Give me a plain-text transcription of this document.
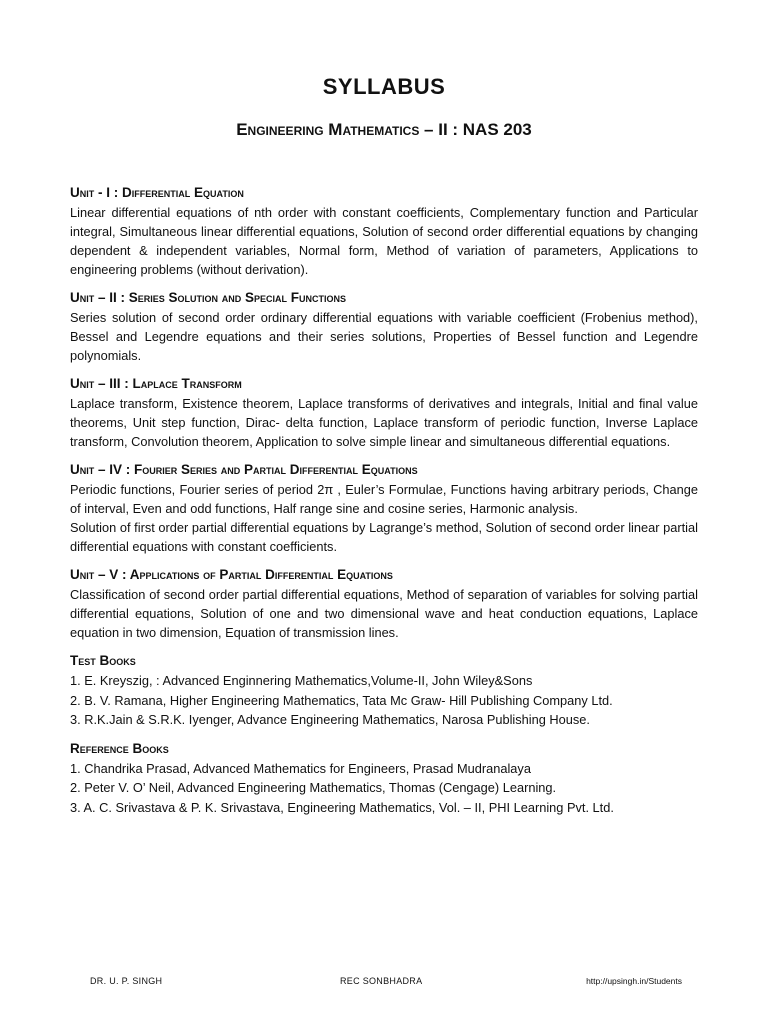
SYLLABUS
Engineering Mathematics – II : NAS 203
Unit - I : Differential Equation

Linear differential equations of nth order with constant coefficients, Complementary function and Particular integral, Simultaneous linear differential equations, Solution of second order differential equations by changing dependent & independent variables, Normal form, Method of variation of parameters, Applications to engineering problems (without derivation).

Unit – II : Series Solution and Special Functions

Series solution of second order ordinary differential equations with variable coefficient (Frobenius method), Bessel and Legendre equations and their series solutions, Properties of Bessel function and Legendre polynomials.

Unit – III : Laplace Transform

Laplace transform, Existence theorem, Laplace transforms of derivatives and integrals, Initial and final value theorems, Unit step function, Dirac- delta function, Laplace transform of periodic function, Inverse Laplace transform, Convolution theorem, Application to solve simple linear and simultaneous differential equations.

Unit – IV : Fourier Series and Partial Differential Equations

Periodic functions, Fourier series of period 2π , Euler’s Formulae, Functions having arbitrary periods, Change of interval, Even and odd functions, Half range sine and cosine series, Harmonic analysis.

Solution of first order partial differential equations by Lagrange’s method, Solution of second order linear partial differential equations with constant coefficients.

Unit – V : Applications of Partial Differential Equations

Classification of second order partial differential equations, Method of separation of variables for solving partial differential equations, Solution of one and two dimensional wave and heat conduction equations, Laplace equation in two dimension, Equation of transmission lines.

Test Books
1. E. Kreyszig, : Advanced Enginnering Mathematics,Volume-II, John Wiley&Sons
2. B. V. Ramana, Higher Engineering Mathematics, Tata Mc Graw- Hill Publishing Company Ltd.
3. R.K.Jain & S.R.K. Iyenger, Advance Engineering Mathematics, Narosa Publishing House.
Reference Books
1. Chandrika Prasad, Advanced Mathematics for Engineers, Prasad Mudranalaya
2. Peter V. O’ Neil, Advanced Engineering Mathematics, Thomas (Cengage) Learning.
3. A. C. Srivastava & P. K. Srivastava, Engineering Mathematics, Vol. – II, PHI Learning Pvt. Ltd.
DR. U. P. SINGH	REC SONBHADRA	http://upsingh.in/Students
